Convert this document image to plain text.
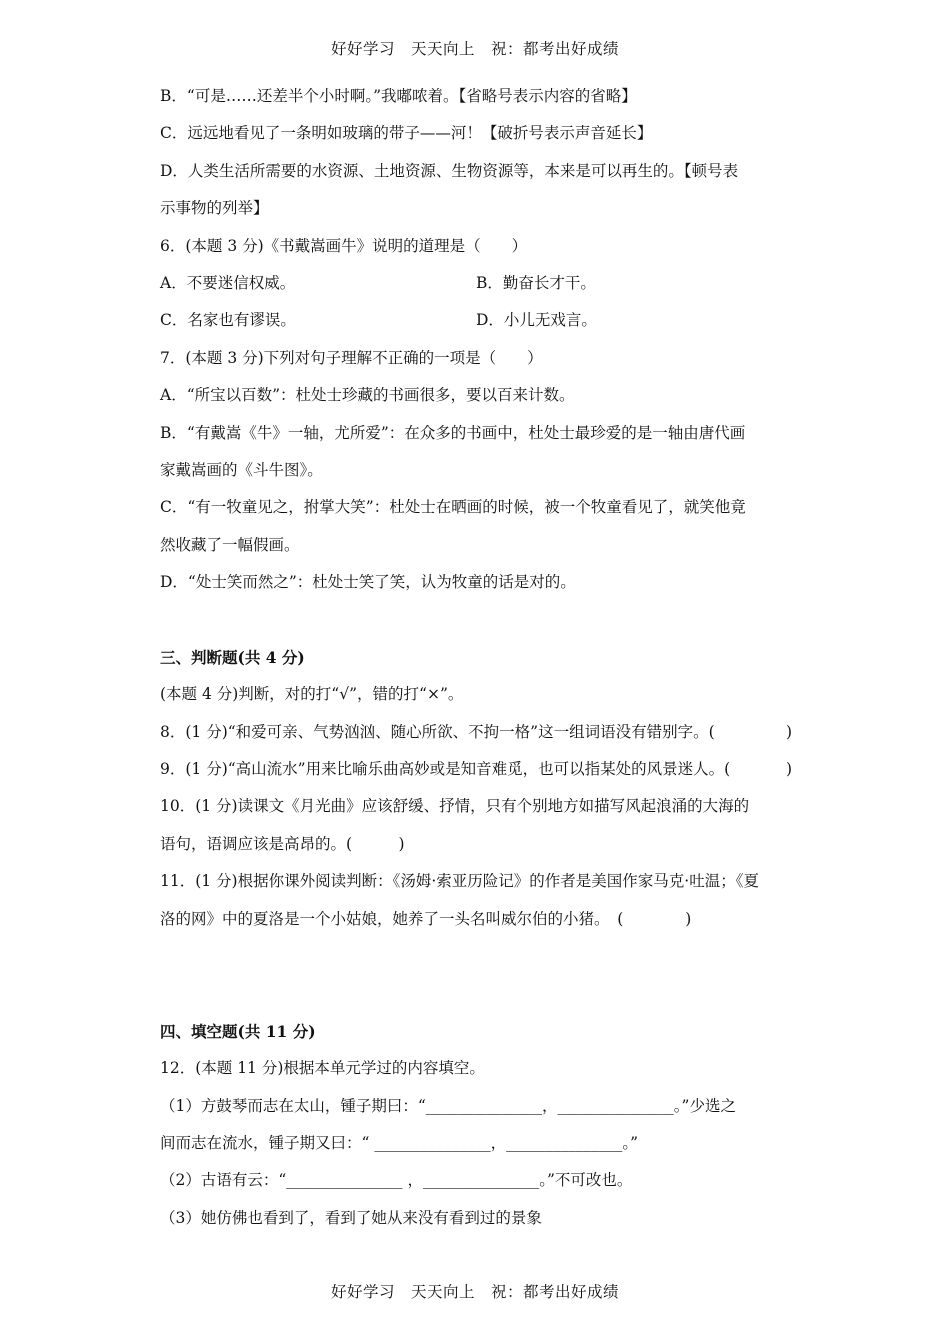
好好学习　天天向上　祝：都考出好成绩
B．“可是……还差半个小时啊。”我嘟哝着。【省略号表示内容的省略】
C．远远地看见了一条明如玻璃的带子——河！【破折号表示声音延长】
D．人类生活所需要的水资源、土地资源、生物资源等，本来是可以再生的。【顿号表
示事物的列举】
6．(本题 3 分)《书戴嵩画牛》说明的道理是（　　）
A．不要迷信权威。	B．勤奋长才干。
C．名家也有谬误。	D．小儿无戏言。
7．(本题 3 分)下列对句子理解不正确的一项是（　　）
A．“所宝以百数”：杜处士珍藏的书画很多，要以百来计数。
B．“有戴嵩《牛》一轴，尤所爱”：在众多的书画中，杜处士最珍爱的是一轴由唐代画
家戴嵩画的《斗牛图》。
C．“有一牧童见之，拊掌大笑”：杜处士在晒画的时候，被一个牧童看见了，就笑他竟
然收藏了一幅假画。
D．“处士笑而然之”：杜处士笑了笑，认为牧童的话是对的。
三、判断题(共 4 分)
(本题 4 分)判断，对的打“√”，错的打“×”。
8．(1 分)“和爱可亲、气势汹汹、随心所欲、不拘一格”这一组词语没有错别字。(	)
9．(1 分)“高山流水”用来比喻乐曲高妙或是知音难觅，也可以指某处的风景迷人。(	)
10．(1 分)读课文《月光曲》应该舒缓、抒情，只有个别地方如描写风起浪涌的大海的
语句，语调应该是高昂的。(　　　)
11．(1 分)根据你课外阅读判断：《汤姆·索亚历险记》的作者是美国作家马克·吐温；《夏
洛的网》中的夏洛是一个小姑娘，她养了一头名叫威尔伯的小猪。　(　　　　)
四、填空题(共 11 分)
12．(本题 11 分)根据本单元学过的内容填空。
（1）方鼓琴而志在太山，锺子期曰：“_______________，_______________。”少选之
间而志在流水，锺子期又曰：“ _______________，_______________。”
（2）古语有云：“_______________ ，_______________。”不可改也。
（3）她仿佛也看到了，看到了她从来没有看到过的景象
好好学习　天天向上　祝：都考出好成绩
